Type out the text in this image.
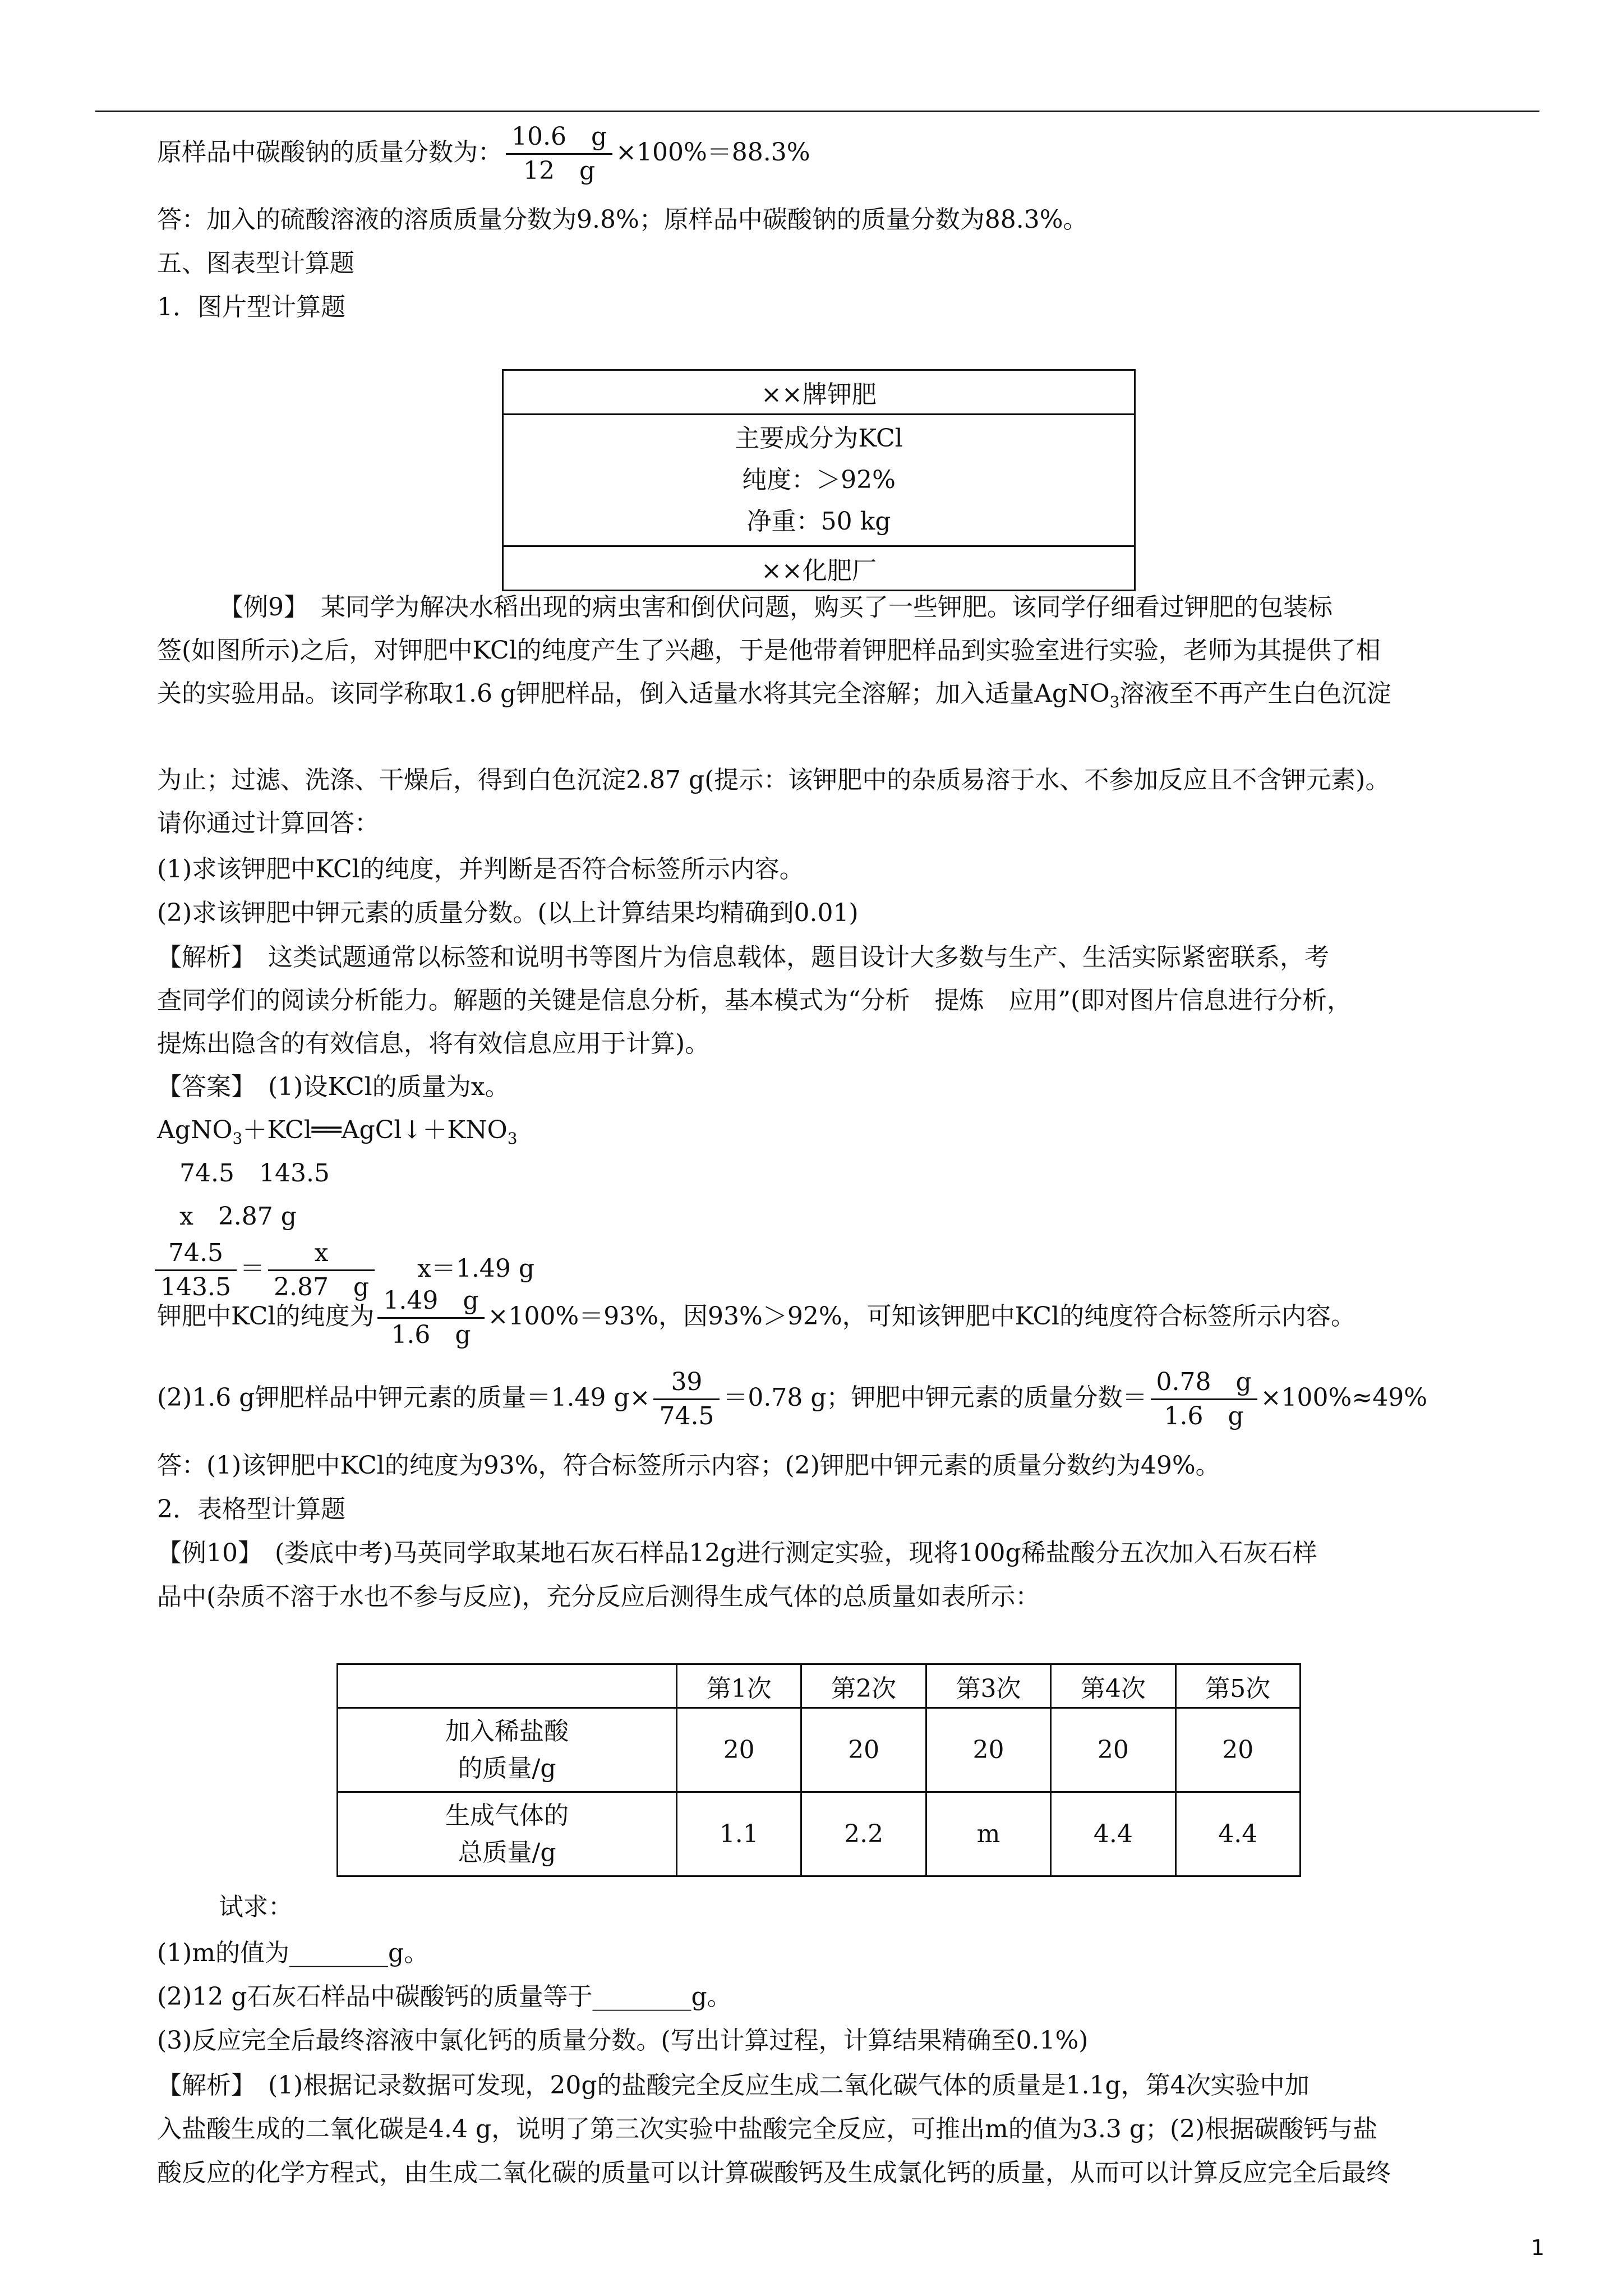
原样品中碳酸钠的质量分数为： $\frac{10.6 g}{12 g} \times 100\%=88.3\%$
答：加入的硫酸溶液的溶质质量分数为9.8%；原样品中碳酸钠的质量分数为88.3%。
五、图表型计算题
1．图片型计算题
××牌钾肥

主要成分为KCl
纯度：＞92%
净重：50 kg

××化肥厂
【例9】　某同学为解决水稻出现的病虫害和倒伏问题，购买了一些钾肥。该同学仔细看过钾肥的包装标
签(如图所示)之后，对钾肥中KCl的纯度产生了兴趣，于是他带着钾肥样品到实验室进行实验，老师为其提供了相
关的实验用品。该同学称取1.6 g钾肥样品，倒入适量水将其完全溶解；加入适量AgNO$_3$溶液至不再产生白色沉淀
为止；过滤、洗涤、干燥后，得到白色沉淀2.87 g(提示：该钾肥中的杂质易溶于水、不参加反应且不含钾元素)。
请你通过计算回答：
(1)求该钾肥中KCl的纯度，并判断是否符合标签所示内容。
(2)求该钾肥中钾元素的质量分数。(以上计算结果均精确到0.01)
【解析】　这类试题通常以标签和说明书等图片为信息载体，题目设计大多数与生产、生活实际紧密联系，考
查同学们的阅读分析能力。解题的关键是信息分析，基本模式为“分析　提炼　应用”(即对图片信息进行分析，
提炼出隐含的有效信息，将有效信息应用于计算)。
【答案】　(1)设KCl的质量为x。
$AgNO_3+KCl══AgCl↓+KNO_3$
74.5　143.5
x　2.87 g
$\frac{74.5}{143.5} = \frac{x}{2.87 g} x=1.49$ g
钾肥中KCl的纯度为 $\frac{1.49 g}{1.6 g} \times 100\%=93\%$，因93%＞92%，可知该钾肥中KCl的纯度符合标签所示内容。
(2)1.6 g钾肥样品中钾元素的质量＝1.49 $g\times \frac{39}{74.5} =0.78$ g；钾肥中钾元素的质量分数＝ $\frac{0.78 g}{1.6 g} \times 100\%\approx 49\%$
答：(1)该钾肥中KCl的纯度为93%，符合标签所示内容；(2)钾肥中钾元素的质量分数约为49%。
2．表格型计算题
【例10】　(娄底中考)马英同学取某地石灰石样品12g进行测定实验，现将100g稀盐酸分五次加入石灰石样
品中(杂质不溶于水也不参与反应)，充分反应后测得生成气体的总质量如表所示：
	第1次	第2次	第3次	第4次	第5次

加入稀盐酸
的质量/g	20	20	20	20	20

生成气体的
总质量/g	1.1	2.2	m	4.4	4.4
试求：
(1)m的值为________g。
(2)12 g石灰石样品中碳酸钙的质量等于________g。
(3)反应完全后最终溶液中氯化钙的质量分数。(写出计算过程，计算结果精确至0.1%)
【解析】　(1)根据记录数据可发现，20g的盐酸完全反应生成二氧化碳气体的质量是1.1g，第4次实验中加
入盐酸生成的二氧化碳是4.4 g，说明了第三次实验中盐酸完全反应，可推出m的值为3.3 g；(2)根据碳酸钙与盐
酸反应的化学方程式，由生成二氧化碳的质量可以计算碳酸钙及生成氯化钙的质量，从而可以计算反应完全后最终
1
